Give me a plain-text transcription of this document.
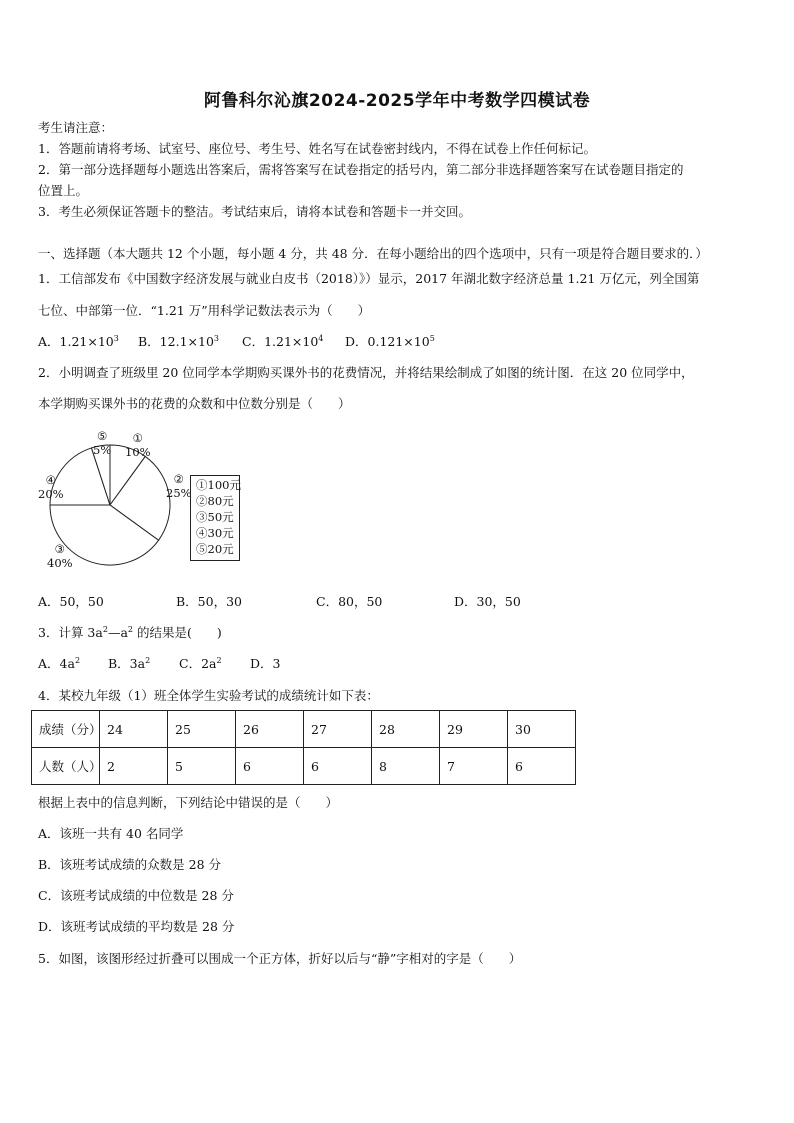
阿鲁科尔沁旗2024-2025学年中考数学四模试卷
考生请注意：
1．答题前请将考场、试室号、座位号、考生号、姓名写在试卷密封线内，不得在试卷上作任何标记。
2．第一部分选择题每小题选出答案后，需将答案写在试卷指定的括号内，第二部分非选择题答案写在试卷题目指定的
位置上。
3．考生必须保证答题卡的整洁。考试结束后，请将本试卷和答题卡一并交回。
一、选择题（本大题共 12 个小题，每小题 4 分，共 48 分．在每小题给出的四个选项中，只有一项是符合题目要求的．）
1．工信部发布《中国数字经济发展与就业白皮书（2018）》）显示，2017 年湖北数字经济总量 1.21 万亿元，列全国第
七位、中部第一位．“1.21 万”用科学记数法表示为（　　）
A．$1.21\times 10^3$ B．$12.1\times 10^3$ C．$1.21\times 10^4$ D．$0.121\times 10^5$
2．小明调查了班级里 20 位同学本学期购买课外书的花费情况，并将结果绘制成了如图的统计图．在这 20 位同学中，
本学期购买课外书的花费的众数和中位数分别是（　　）
⑤
5%
①
10%
②
25%
④
20%
③
40%
①100元
②80元
③50元
④30元
⑤20元
A．50，50	B．50，30	C．80，50	D．30，50
3．计算 $3a^2—a^2$ 的结果是(　　)
A．$4a^2$ B．$3a^2$ C．$2a^2$ D．3
4．某校九年级（1）班全体学生实验考试的成绩统计如下表：
成绩（分）	24	25	26	27	28	29	30
人数（人）	2	5	6	6	8	7	6
根据上表中的信息判断，下列结论中错误的是（　　）
A．该班一共有 40 名同学
B．该班考试成绩的众数是 28 分
C．该班考试成绩的中位数是 28 分
D．该班考试成绩的平均数是 28 分
5．如图，该图形经过折叠可以围成一个正方体，折好以后与“静”字相对的字是（　　）
